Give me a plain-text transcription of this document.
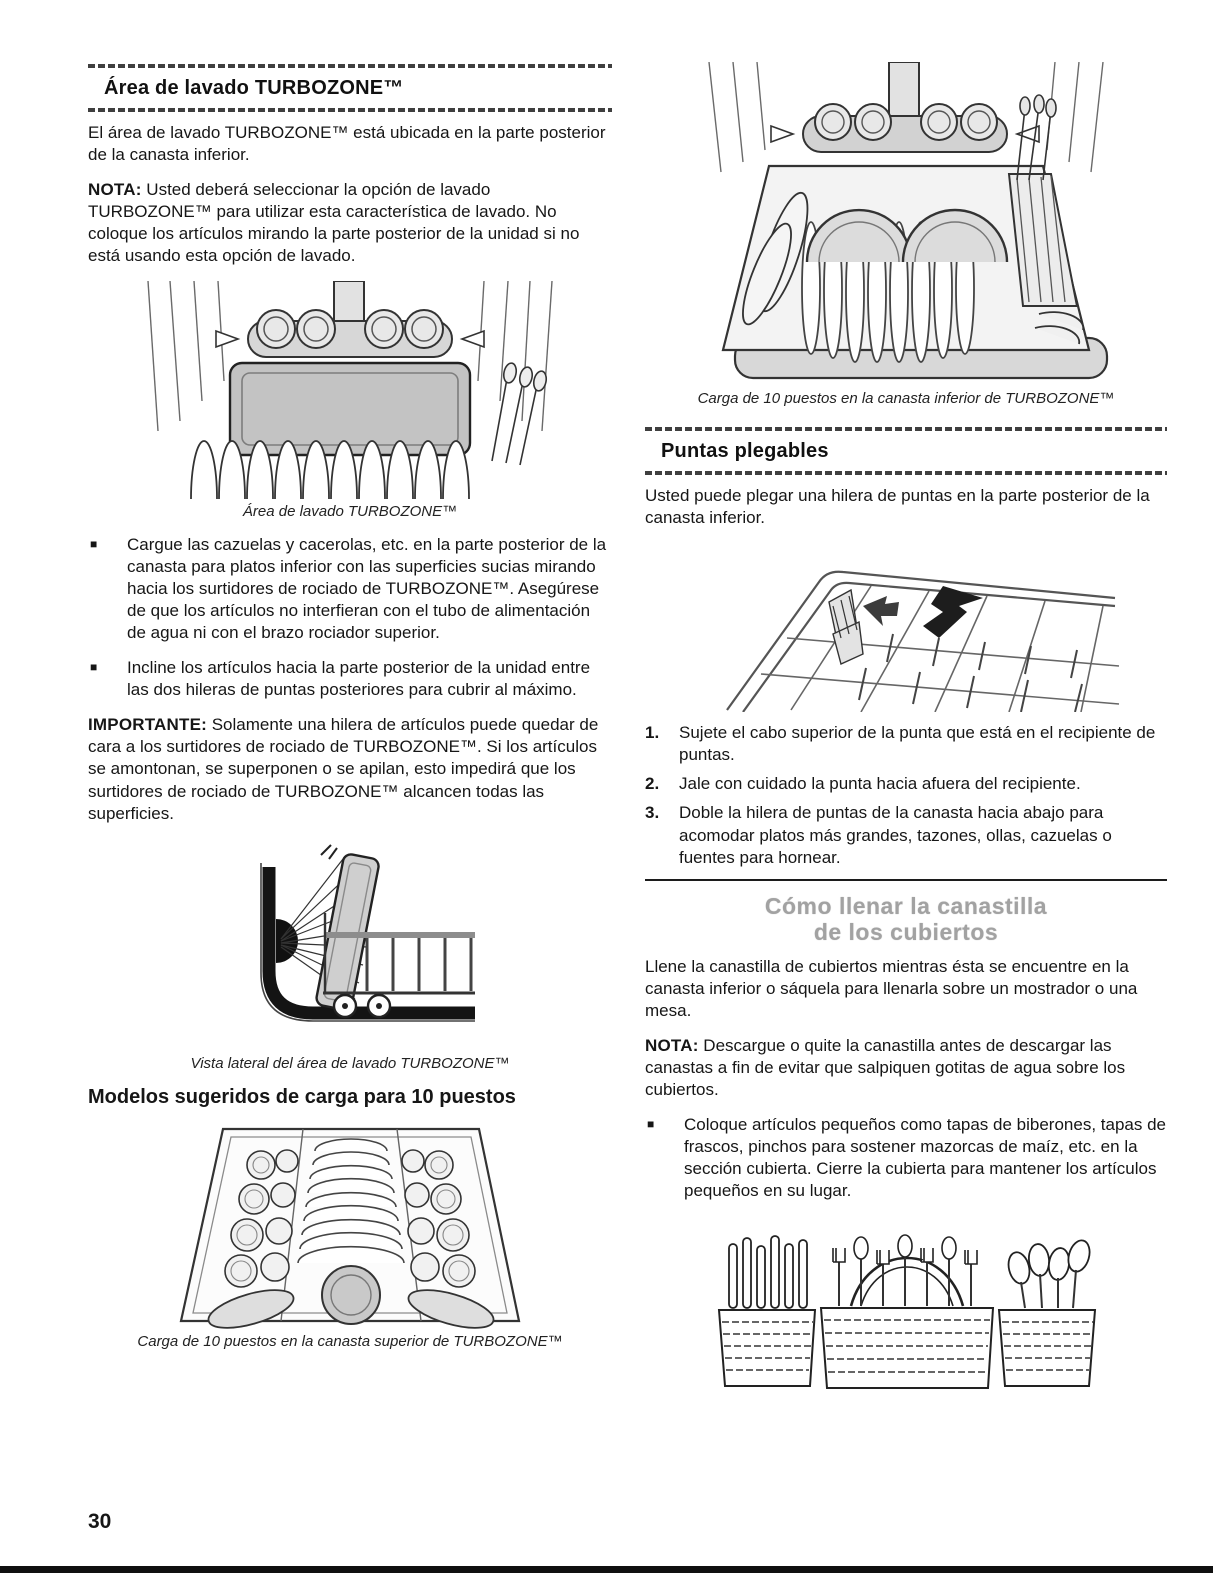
Área de lavado TURBOZONE™

El área de lavado TURBOZONE™ está ubicada en la parte posterior de la canasta inferior.

NOTA: Usted deberá seleccionar la opción de lavado TURBOZONE™ para utilizar esta característica de lavado. No coloque los artículos mirando la parte posterior de la unidad si no está usando esta opción de lavado.

Área de lavado TURBOZONE™
■	Cargue las cazuelas y cacerolas, etc. en la parte posterior de la canasta para platos inferior con las superficies sucias mirando hacia los surtidores de rociado de TURBOZONE™. Asegúrese de que los artículos no interfieran con el tubo de alimentación de agua ni con el brazo rociador superior.
■	Incline los artículos hacia la parte posterior de la unidad entre las dos hileras de puntas posteriores para cubrir al máximo.

IMPORTANTE: Solamente una hilera de artículos puede quedar de cara a los surtidores de rociado de TURBOZONE™. Si los artículos se amontonan, se superponen o se apilan, esto impedirá que los surtidores de rociado de TURBOZONE™ alcancen todas las superficies.

Vista lateral del área de lavado TURBOZONE™
Modelos sugeridos de carga para 10 puestos
Carga de 10 puestos en la canasta superior de TURBOZONE™
Carga de 10 puestos en la canasta inferior de TURBOZONE™
Puntas plegables

Usted puede plegar una hilera de puntas en la parte posterior de la canasta inferior.

1.	Sujete el cabo superior de la punta que está en el recipiente de puntas.
2.	Jale con cuidado la punta hacia afuera del recipiente.
3.	Doble la hilera de puntas de la canasta hacia abajo para acomodar platos más grandes, tazones, ollas, cazuelas o fuentes para hornear.
Cómo llenar la canastilla
de los cubiertos

Llene la canastilla de cubiertos mientras ésta se encuentre en la canasta inferior o sáquela para llenarla sobre un mostrador o una mesa.

NOTA: Descargue o quite la canastilla antes de descargar las canastas a fin de evitar que salpiquen gotitas de agua sobre los cubiertos.

■	Coloque artículos pequeños como tapas de biberones, tapas de frascos, pinchos para sostener mazorcas de maíz, etc. en la sección cubierta. Cierre la cubierta para mantener los artículos pequeños en su lugar.
30
